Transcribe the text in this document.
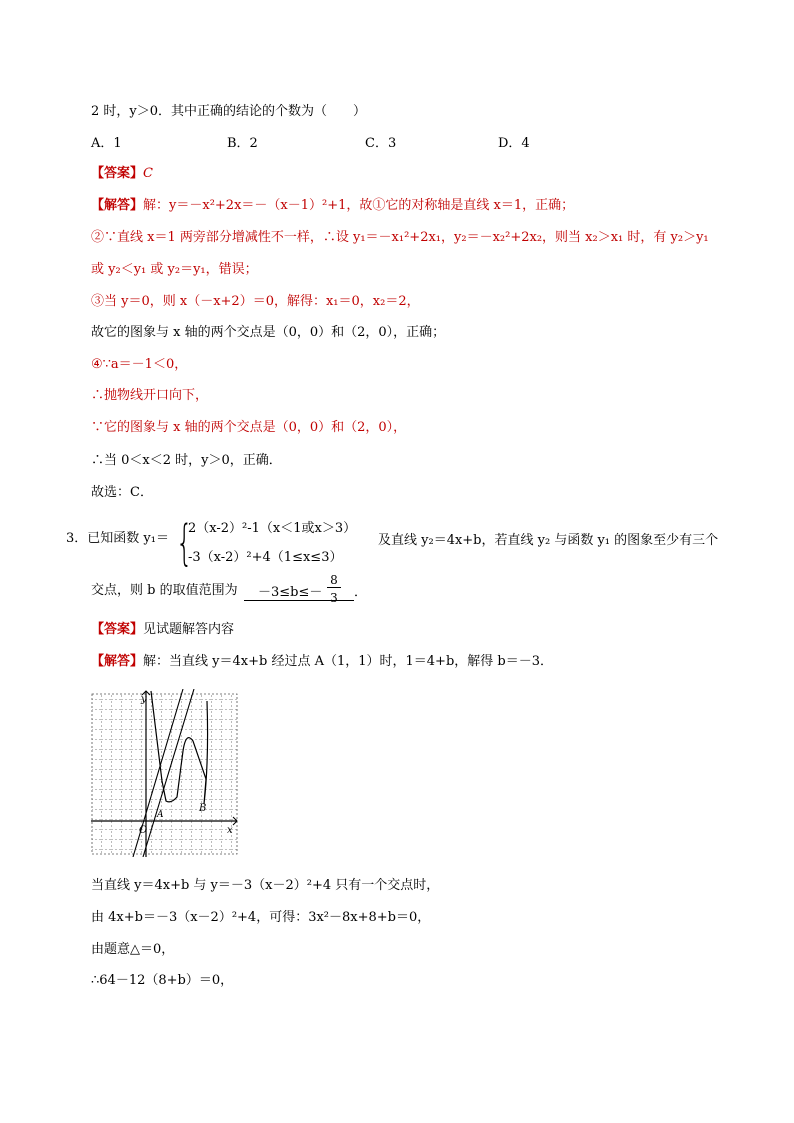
2 时，y＞0．其中正确的结论的个数为（　　）
A．1	B．2	C．3	D．4
【答案】C
【解答】解：y＝－x²+2x＝－（x－1）²+1，故①它的对称轴是直线 x＝1，正确；
②∵直线 x＝1 两旁部分增减性不一样，∴设 y₁＝－x₁²+2x₁，y₂＝－x₂²+2x₂，则当 x₂＞x₁ 时，有 y₂＞y₁
或 y₂＜y₁ 或 y₂＝y₁，错误；
③当 y＝0，则 x（－x+2）＝0，解得：x₁＝0，x₂＝2，
故它的图象与 x 轴的两个交点是（0，0）和（2，0），正确；
④∵a＝－1＜0，
∴抛物线开口向下，
∵它的图象与 x 轴的两个交点是（0，0）和（2，0），
∴当 0＜x＜2 时，y＞0，正确．
故选：C．
3．已知函数 y₁＝ {
2（x-2）²-1（x＜1或x＞3）
-3（x-2）²+4（1≤x≤3）
及直线 y₂＝4x+b，若直线 y₂ 与函数 y₁ 的图象至少有三个
交点，则 b 的取值范围为	－3≤b≤－
8
3 ．
【答案】见试题解答内容
【解答】解：当直线 y＝4x+b 经过点 A（1，1）时，1＝4+b，解得 b＝－3．
y
x
O
A
B
当直线 y＝4x+b 与 y＝－3（x－2）²+4 只有一个交点时，
由 4x+b＝－3（x－2）²+4，可得：3x²－8x+8+b＝0，
由题意△＝0，
∴64－12（8+b）＝0，
